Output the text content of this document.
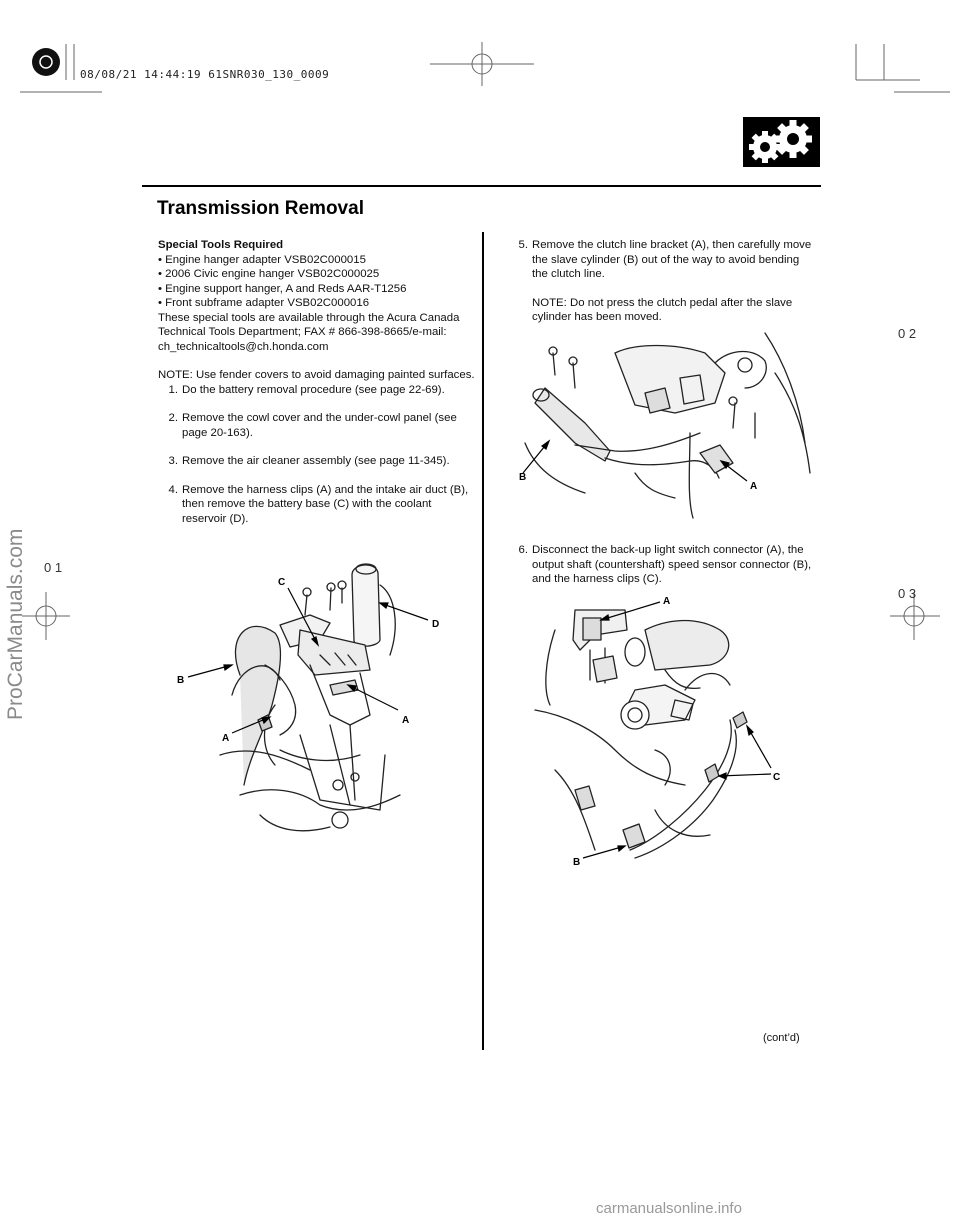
08/08/21 14:44:19 61SNR030_130_0009
0 2
0 1
0 3
ProCarManuals.com
carmanualsonline.info
Transmission Removal

Special Tools Required

• Engine hanger adapter VSB02C000015

• 2006 Civic engine hanger VSB02C000025

• Engine support hanger, A and Reds AAR-T1256

• Front subframe adapter VSB02C000016

These special tools are available through the Acura Canada Technical Tools Department; FAX # 866-398-8665/e-mail: ch_technicaltools@ch.honda.com

NOTE: Use fender covers to avoid damaging painted surfaces.

1. Do the battery removal procedure (see page 22-69).
2. Remove the cowl cover and the under-cowl panel (see page 20-163).
3. Remove the air cleaner assembly (see page 11-345).
4. Remove the harness clips (A) and the intake air duct (B), then remove the battery base (C) with the coolant reservoir (D).
5. Remove the clutch line bracket (A), then carefully move the slave cylinder (B) out of the way to avoid bending the clutch line.
NOTE: Do not press the clutch pedal after the slave cylinder has been moved.
6. Disconnect the back-up light switch connector (A), the output shaft (countershaft) speed sensor connector (B), and the harness clips (C).
C
D
B
A
A
B
A
A
C
B
(cont’d)
